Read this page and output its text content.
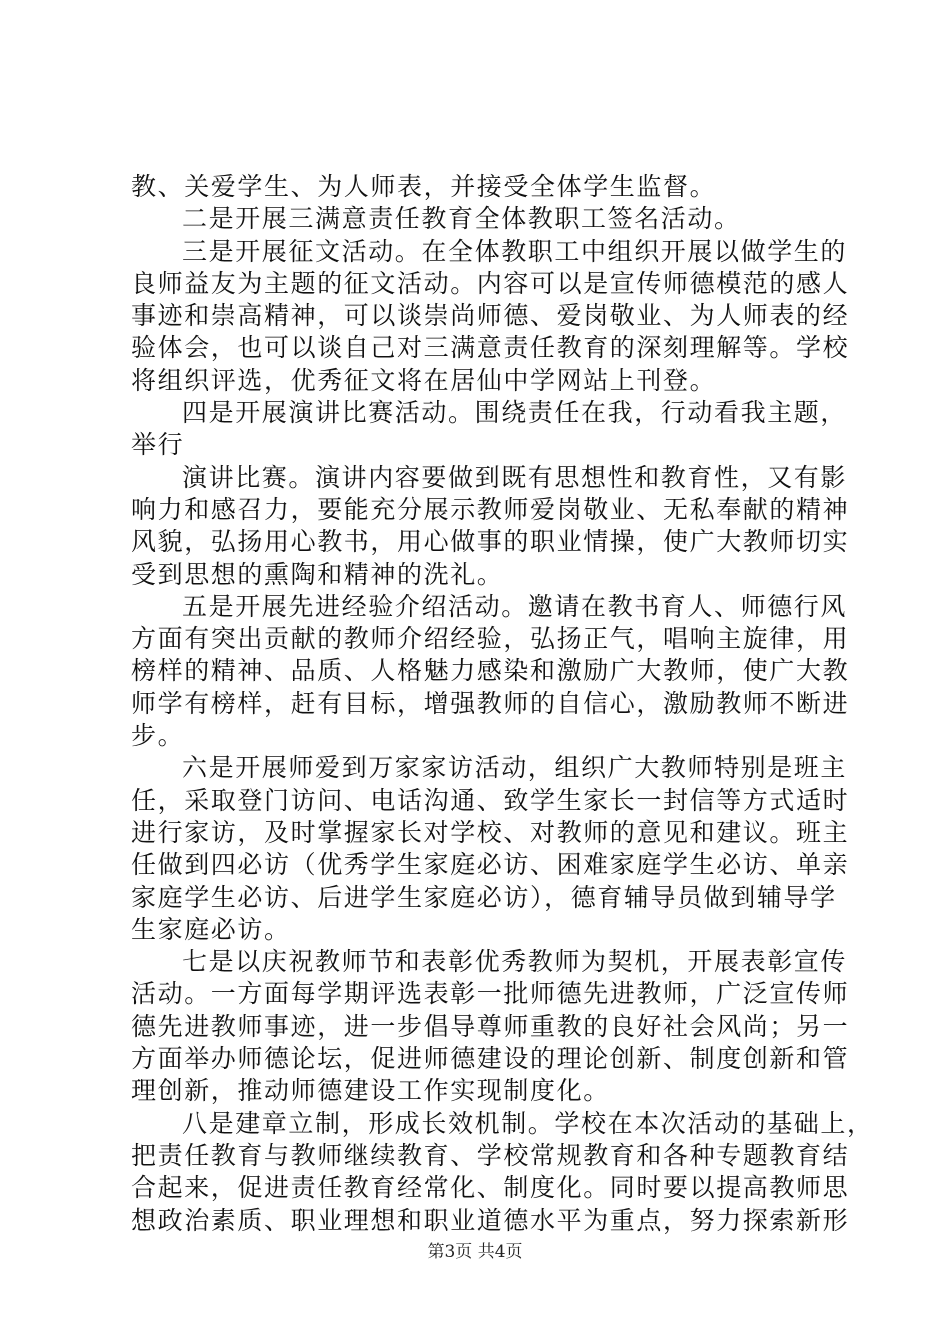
教、关爱学生、为人师表，并接受全体学生监督。
二是开展三满意责任教育全体教职工签名活动。
三是开展征文活动。在全体教职工中组织开展以做学生的
良师益友为主题的征文活动。内容可以是宣传师德模范的感人
事迹和崇高精神，可以谈崇尚师德、爱岗敬业、为人师表的经
验体会，也可以谈自己对三满意责任教育的深刻理解等。学校
将组织评选，优秀征文将在居仙中学网站上刊登。
四是开展演讲比赛活动。围绕责任在我，行动看我主题，
举行
演讲比赛。演讲内容要做到既有思想性和教育性，又有影
响力和感召力，要能充分展示教师爱岗敬业、无私奉献的精神
风貌，弘扬用心教书，用心做事的职业情操，使广大教师切实
受到思想的熏陶和精神的洗礼。
五是开展先进经验介绍活动。邀请在教书育人、师德行风
方面有突出贡献的教师介绍经验，弘扬正气，唱响主旋律，用
榜样的精神、品质、人格魅力感染和激励广大教师，使广大教
师学有榜样，赶有目标，增强教师的自信心，激励教师不断进
步。
六是开展师爱到万家家访活动，组织广大教师特别是班主
任，采取登门访问、电话沟通、致学生家长一封信等方式适时
进行家访，及时掌握家长对学校、对教师的意见和建议。班主
任做到四必访（优秀学生家庭必访、困难家庭学生必访、单亲
家庭学生必访、后进学生家庭必访），德育辅导员做到辅导学
生家庭必访。
七是以庆祝教师节和表彰优秀教师为契机，开展表彰宣传
活动。一方面每学期评选表彰一批师德先进教师，广泛宣传师
德先进教师事迹，进一步倡导尊师重教的良好社会风尚；另一
方面举办师德论坛，促进师德建设的理论创新、制度创新和管
理创新，推动师德建设工作实现制度化。
八是建章立制，形成长效机制。学校在本次活动的基础上，
把责任教育与教师继续教育、学校常规教育和各种专题教育结
合起来，促进责任教育经常化、制度化。同时要以提高教师思
想政治素质、职业理想和职业道德水平为重点，努力探索新形
第3页 共4页
